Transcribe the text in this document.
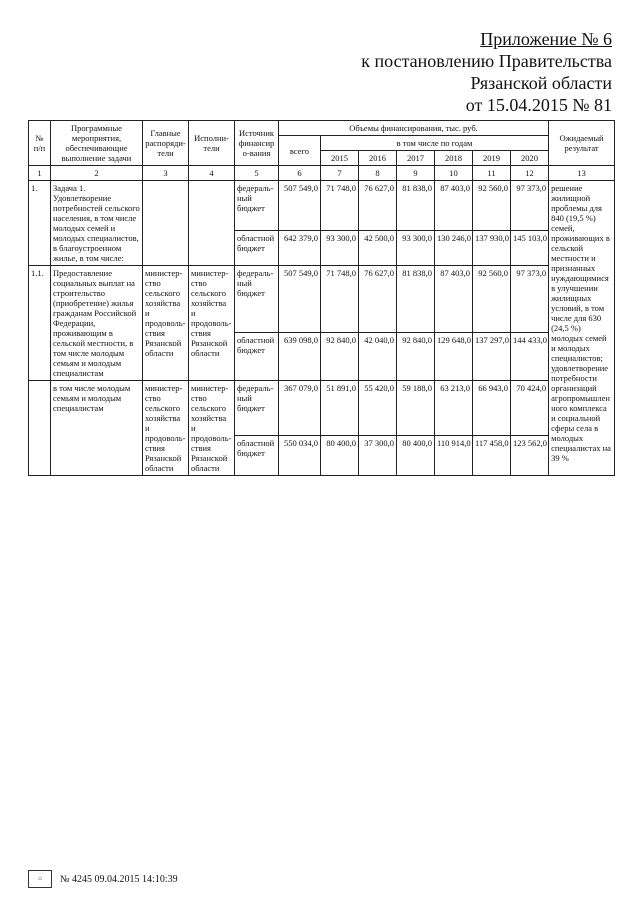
Приложение № 6
к постановлению Правительства
Рязанской области
от 15.04.2015 № 81
№ п/п	Программные мероприятия, обеспечивающие выполнение задачи	Главные распоряди-тели	Исполни-тели	Источник финансиро-вания	Объемы финансирования, тыс. руб.							Ожидаемый результат
					всего	в том числе по годам						
						2015	2016	2017	2018	2019	2020	
1	2	3	4	5	6	7	8	9	10	11	12	13
1.	Задача 1. Удовлетворение потребностей сельского населения, в том числе молодых семей и молодых специалистов, в благоустроенном жилье, в том числе:			федераль-ный бюджет	507 549,0	71 748,0	76 627,0	81 838,0	87 403,0	92 560,0	97 373,0	решение жилищной проблемы для 840 (19,5 %) семей, проживающих в сельской местности и признанных нуждающимися в улучшении жилищных условий, в том числе для 630 (24,5 %) молодых семей и молодых специалистов; удовлетворение потребности организаций агропромышленного комплекса и социальной сферы села в молодых специалистах на 39 %
				областной бюджет	642 379,0	93 300,0	42 500,0	93 300,0	130 246,0	137 930,0	145 103,0	
1.1.	Предоставление социальных выплат на строительство (приобретение) жилья гражданам Российской Федерации, проживающим в сельской местности, в том числе молодым семьям и молодым специалистам	министер-ство сельского хозяйства и продоволь-ствия Рязанской области	министер-ство сельского хозяйства и продоволь-ствия Рязанской области	федераль-ный бюджет	507 549,0	71 748,0	76 627,0	81 838,0	87 403,0	92 560,0	97 373,0	
				областной бюджет	639 098,0	92 840,0	42 040,0	92 840,0	129 648,0	137 297,0	144 433,0	
	в том числе молодым семьям и молодым специалистам	министер-ство сельского хозяйства и продоволь-ствия Рязанской области	министер-ство сельского хозяйства и продоволь-ствия Рязанской области	федераль-ный бюджет	367 079,0	51 891,0	55 420,0	59 188,0	63 213,0	66 943,0	70 424,0	
				областной бюджет	550 034,0	80 400,0	37 300,0	80 400,0	110 914,0	117 458,0	123 562,0	
⌂ № 4245 09.04.2015 14:10:39
